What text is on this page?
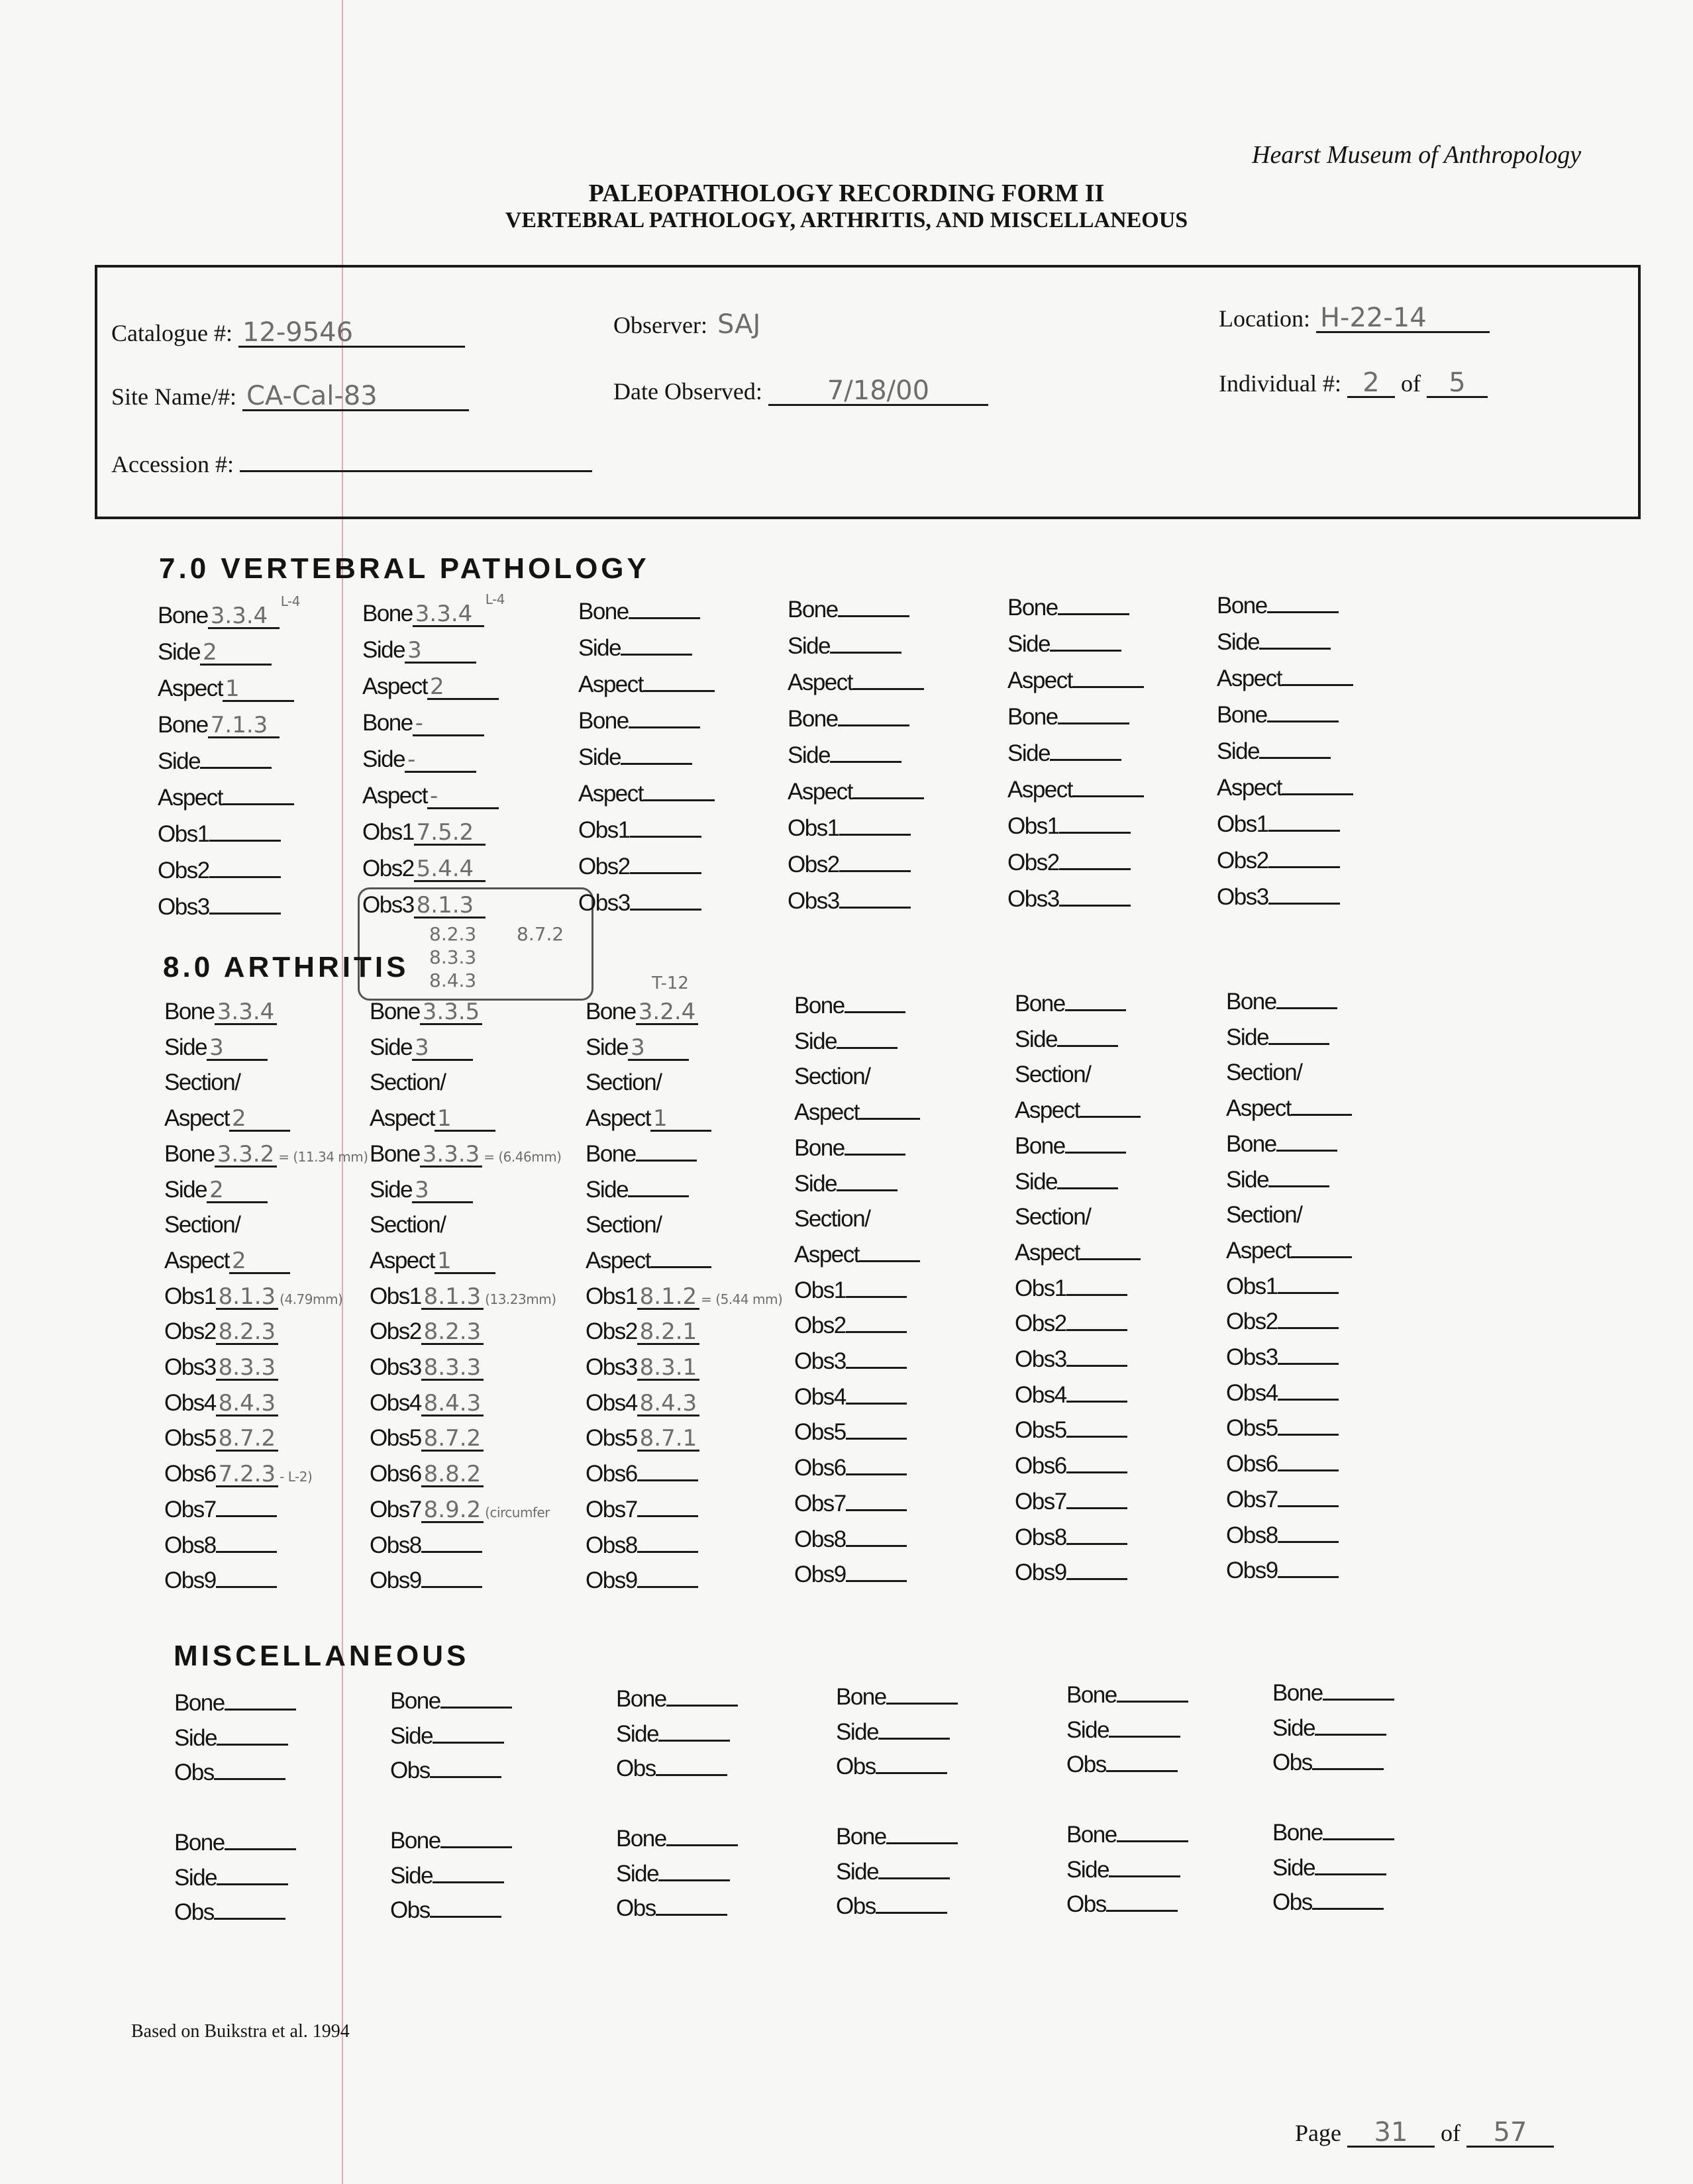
Hearst Museum of Anthropology
PALEOPATHOLOGY RECORDING FORM II
VERTEBRAL PATHOLOGY, ARTHRITIS, AND MISCELLANEOUS
Catalogue #: 12-9546	Observer: SAJ	Location: H-22-14
Site Name/#: CA-Cal-83	Date Observed: 7/18/00	Individual #: 2 of 5
Accession #:
7.0 VERTEBRAL PATHOLOGY
Bone 3.3.4$^{L-4}$
Side 2
Aspect 1
Bone 7.1.3
Side
Aspect
Obs1
Obs2
Obs3
Bone 3.3.4$^{L-4}$
Side 3
Aspect 2
Bone -
Side -
Aspect -
Obs1 7.5.2
Obs2 5.4.4
Obs3 8.1.3
8.2.3
8.3.3
8.4.3
8.7.2
Bone
Side
Aspect
Bone
Side
Aspect
Obs1
Obs2
Obs3
Bone
Side
Aspect
Bone
Side
Aspect
Obs1
Obs2
Obs3
Bone
Side
Aspect
Bone
Side
Aspect
Obs1
Obs2
Obs3
Bone
Side
Aspect
Bone
Side
Aspect
Obs1
Obs2
Obs3
8.0 ARTHRITIS
Bone 3.3.4
Side 3
Section/
Aspect 2
Bone 3.3.2 = (11.34 mm)
Side 2
Section/
Aspect 2
Obs1 8.1.3 (4.79mm)
Obs2 8.2.3
Obs3 8.3.3
Obs4 8.4.3
Obs5 8.7.2
Obs6 7.2.3 - L-2)
Obs7
Obs8
Obs9
Bone 3.3.5
Side 3
Section/
Aspect 1
Bone 3.3.3 = (6.46mm)
Side 3
Section/
Aspect 1
Obs1 8.1.3 (13.23mm)
Obs2 8.2.3
Obs3 8.3.3
Obs4 8.4.3
Obs5 8.7.2
Obs6 8.8.2
Obs7 8.9.2 (circumfer
Obs8
Obs9
T-12
Bone 3.2.4
Side 3
Section/
Aspect 1
Bone
Side
Section/
Aspect
Obs1 8.1.2 = (5.44 mm)
Obs2 8.2.1
Obs3 8.3.1
Obs4 8.4.3
Obs5 8.7.1
Obs6
Obs7
Obs8
Obs9
Bone
Side
Section/
Aspect
Bone
Side
Section/
Aspect
Obs1
Obs2
Obs3
Obs4
Obs5
Obs6
Obs7
Obs8
Obs9
Bone
Side
Section/
Aspect
Bone
Side
Section/
Aspect
Obs1
Obs2
Obs3
Obs4
Obs5
Obs6
Obs7
Obs8
Obs9
Bone
Side
Section/
Aspect
Bone
Side
Section/
Aspect
Obs1
Obs2
Obs3
Obs4
Obs5
Obs6
Obs7
Obs8
Obs9
MISCELLANEOUS
Bone
Side
Obs
Bone
Side
Obs
Bone
Side
Obs
Bone
Side
Obs
Bone
Side
Obs
Bone
Side
Obs
Bone
Side
Obs
Bone
Side
Obs
Bone
Side
Obs
Bone
Side
Obs
Bone
Side
Obs
Bone
Side
Obs
Based on Buikstra et al. 1994
Page 31 of 57
